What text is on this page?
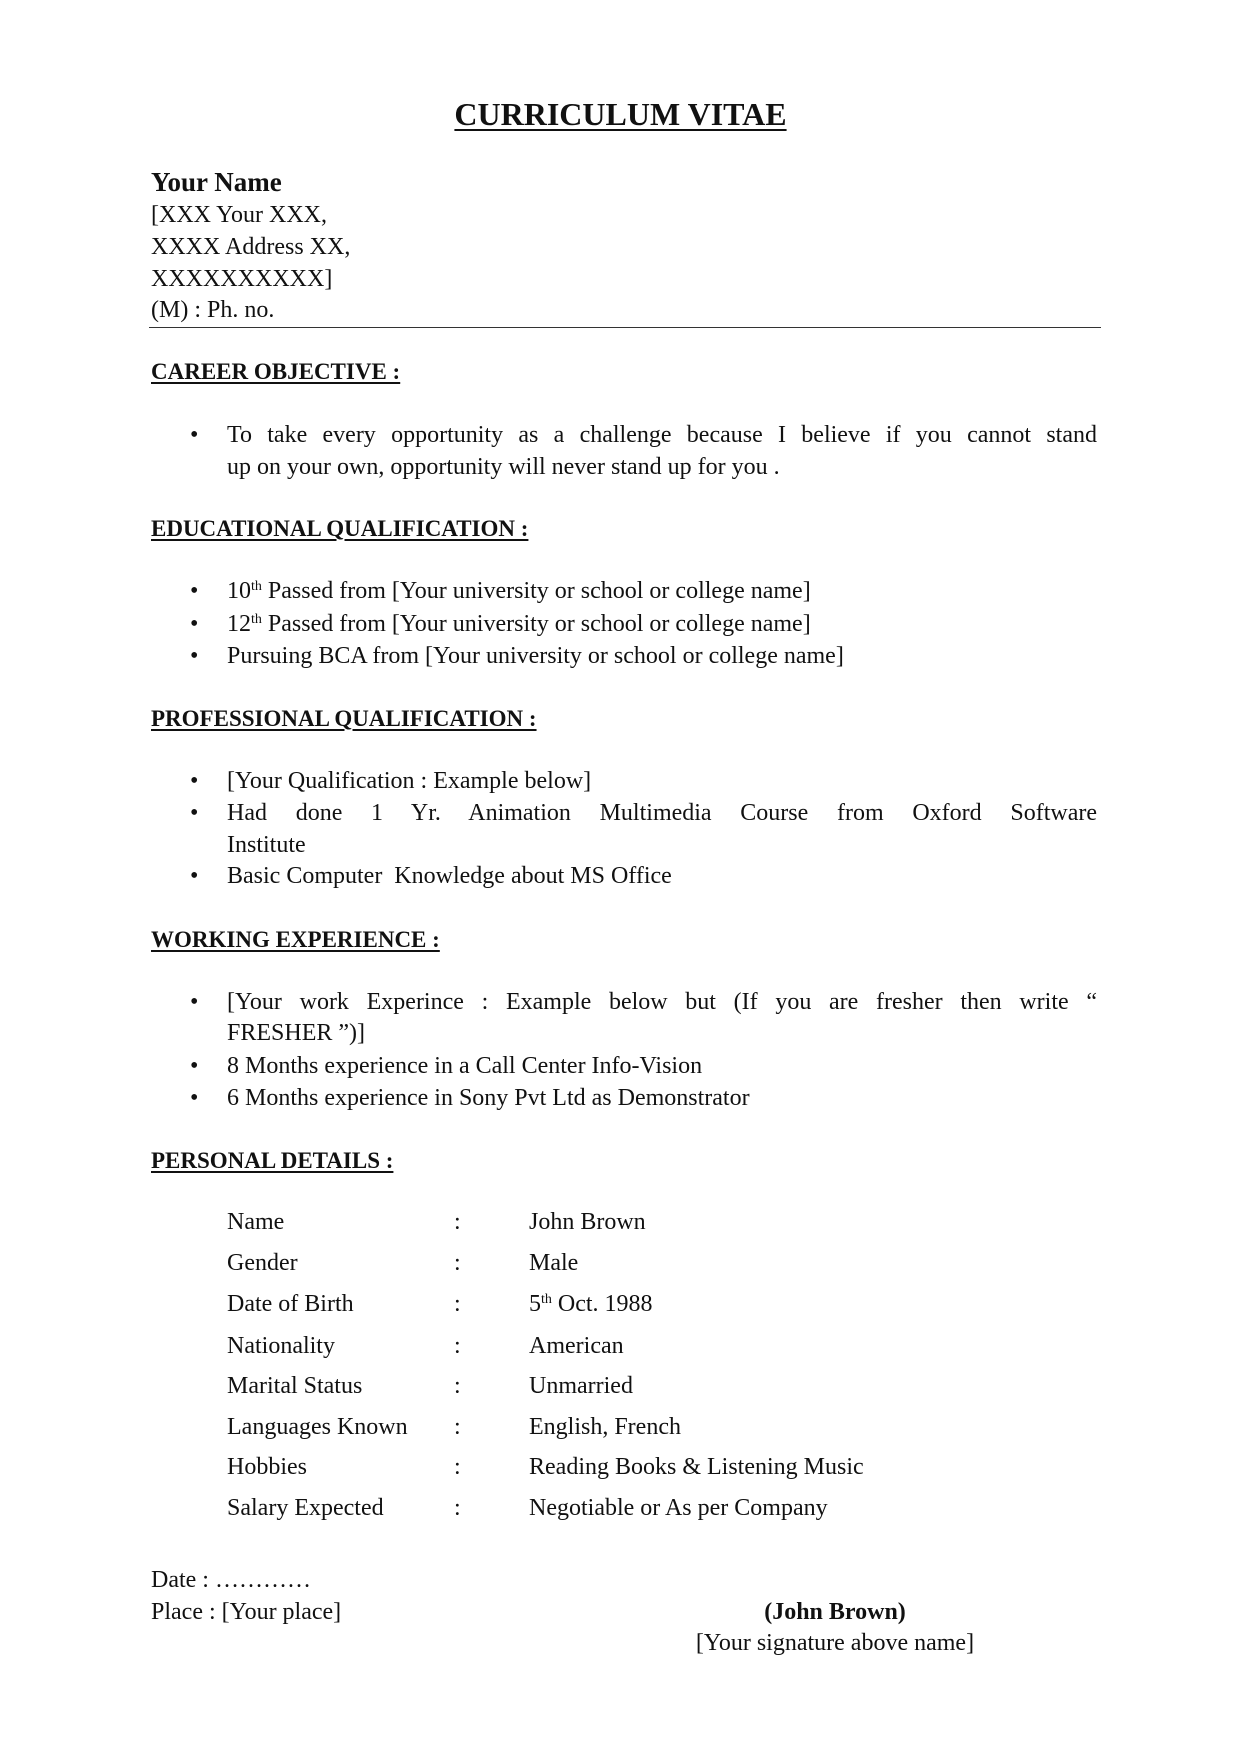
CURRICULUM VITAE
Your Name
[XXX Your XXX,
XXXX Address XX,
XXXXXXXXXX]
(M) : Ph. no.
CAREER OBJECTIVE :
• To take every opportunity as a challenge because I believe if you cannot stand
up on your own, opportunity will never stand up for you .
EDUCATIONAL QUALIFICATION :
• 10th Passed from [Your university or school or college name]
• 12th Passed from [Your university or school or college name]
• Pursuing BCA from [Your university or school or college name]
PROFESSIONAL QUALIFICATION :
• [Your Qualification : Example below]
• Had done 1 Yr. Animation Multimedia Course from Oxford Software
Institute
• Basic Computer  Knowledge about MS Office
WORKING EXPERIENCE :
• [Your work Experince : Example below but (If you are fresher then write “
FRESHER ”)]
• 8 Months experience in a Call Center Info-Vision
• 6 Months experience in Sony Pvt Ltd as Demonstrator
PERSONAL DETAILS :
Name	:	John Brown
Gender	:	Male
Date of Birth	:	5th Oct. 1988
Nationality	:	American
Marital Status	:	Unmarried
Languages Known :	English, French
Hobbies	:	Reading Books & Listening Music
Salary Expected	:	Negotiable or As per Company
Date : …………
Place : [Your place]	(John Brown)
[Your signature above name]
